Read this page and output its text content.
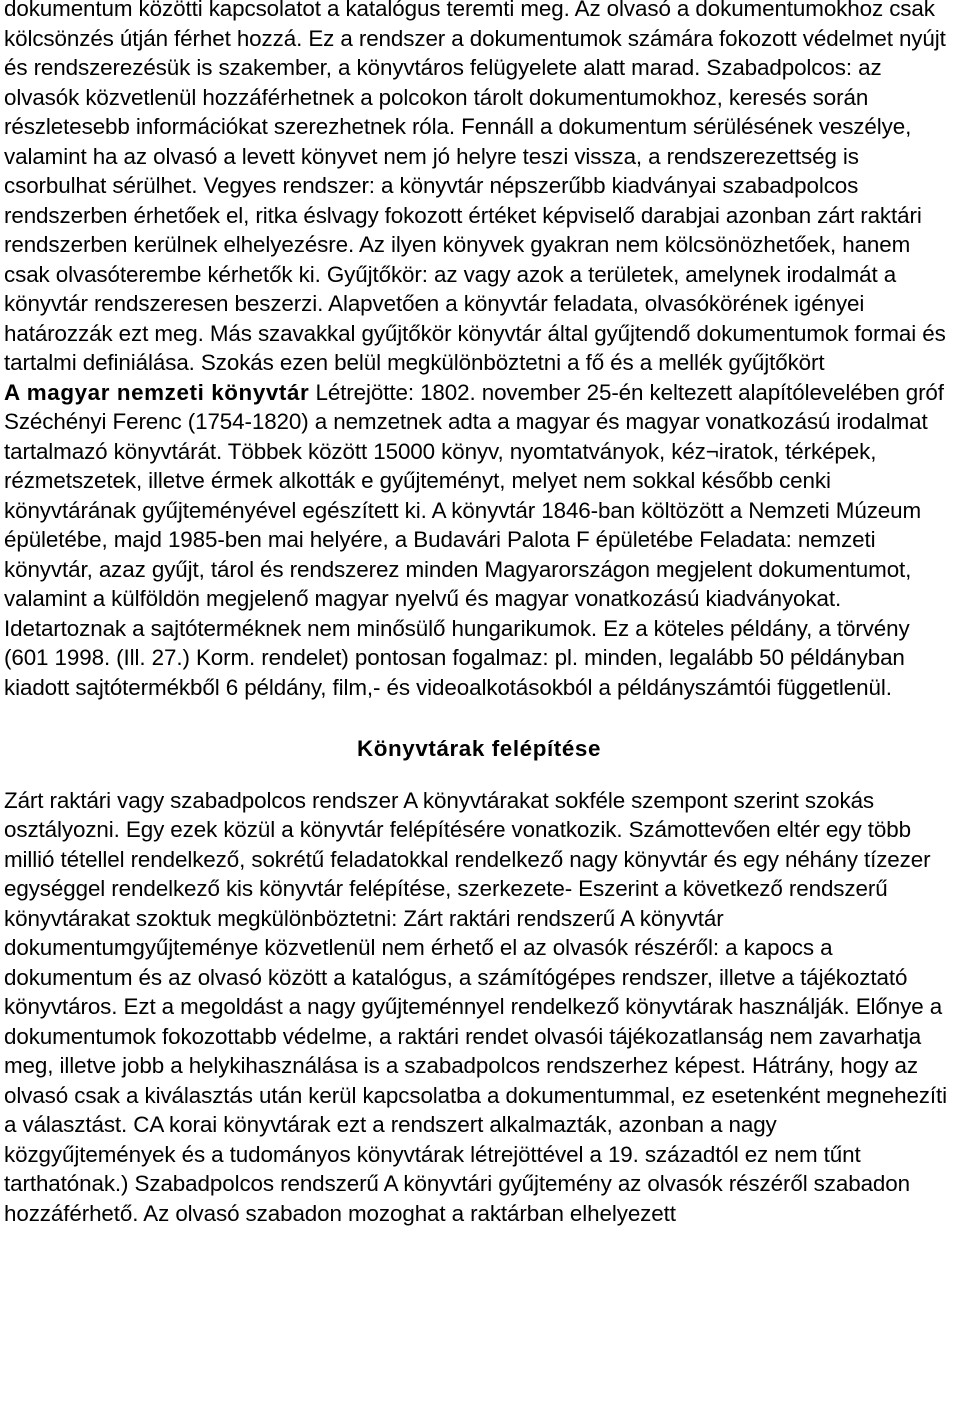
dokumentum közötti kapcsolatot a katalógus teremti meg. Az olvasó a dokumentumokhoz csak kölcsönzés útján férhet hozzá. Ez a rendszer a dokumentumok számára fokozott védelmet nyújt és rendszerezésük is szakember, a könyvtáros felügyelete alatt marad. Szabadpolcos: az olvasók közvetlenül hozzáférhetnek a polcokon tárolt dokumentumokhoz, keresés során részletesebb információkat szerezhetnek róla. Fennáll a dokumentum sérülésének veszélye, valamint ha az olvasó a levett könyvet nem jó helyre teszi vissza, a rendszerezettség is csorbulhat sérülhet. Vegyes rendszer: a könyvtár népszerűbb kiadványai szabadpolcos rendszerben érhetőek el, ritka éslvagy fokozott értéket képviselő darabjai azonban zárt raktári rendszerben kerülnek elhelyezésre. Az ilyen könyvek gyakran nem kölcsönözhetőek, hanem csak olvasóterembe kérhetők ki. Gyűjtőkör: az vagy azok a területek, amelynek irodalmát a könyvtár rendszeresen beszerzi. Alapvetően a könyvtár feladata, olvasókörének igényei határozzák ezt meg. Más szavakkal gyűjtőkör könyvtár által gyűjtendő dokumentumok formai és tartalmi definiálása. Szokás ezen belül megkülönböztetni a fő és a mellék gyűjtőkört
A magyar nemzeti könyvtár Létrejötte: 1802. november 25-én keltezett alapítólevelében gróf Széchényi Ferenc (1754-1820) a nemzetnek adta a magyar és magyar vonatkozású irodalmat tartalmazó könyvtárát. Többek között 15000 könyv, nyomtatványok, kéz¬iratok, térképek, rézmetszetek, illetve érmek alkották e gyűjteményt, melyet nem sokkal később cenki könyvtárának gyűjteményével egészített ki. A könyvtár 1846-ban költözött a Nemzeti Múzeum épületébe, majd 1985-ben mai helyére, a Budavári Palota F épületébe Feladata: nemzeti könyvtár, azaz gyűjt, tárol és rendszerez minden Magyarországon megjelent dokumentumot, valamint a külföldön megjelenő magyar nyelvű és magyar vonatkozású kiadványokat. Idetartoznak a sajtóterméknek nem minősülő hungarikumok. Ez a köteles példány, a törvény (601 1998. (Ill. 27.) Korm. rendelet) pontosan fogalmaz: pl. minden, legalább 50 példányban kiadott sajtótermékből 6 példány, film,- és videoalkotásokból a példányszámtói függetlenül.

Könyvtárak felépítése

Zárt raktári vagy szabadpolcos rendszer A könyvtárakat sokféle szempont szerint szokás osztályozni. Egy ezek közül a könyvtár felépítésére vonatkozik. Számottevően eltér egy több millió tétellel rendelkező, sokrétű feladatokkal rendelkező nagy könyvtár és egy néhány tízezer egységgel rendelkező kis könyvtár felépítése, szerkezete- Eszerint a következő rendszerű könyvtárakat szoktuk megkülönböztetni: Zárt raktári rendszerű A könyvtár dokumentumgyűjteménye közvetlenül nem érhető el az olvasók részéről: a kapocs a dokumentum és az olvasó között a katalógus, a számítógépes rendszer, illetve a tájékoztató könyvtáros. Ezt a megoldást a nagy gyűjteménnyel rendelkező könyvtárak használják. Előnye a dokumentumok fokozottabb védelme, a raktári rendet olvasói tájékozatlanság nem zavarhatja meg, illetve jobb a helykihasználása is a szabadpolcos rendszerhez képest. Hátrány, hogy az olvasó csak a kiválasztás után kerül kapcsolatba a dokumentummal, ez esetenként megnehezíti a választást. CA korai könyvtárak ezt a rendszert alkalmazták, azonban a nagy közgyűjtemények és a tudományos könyvtárak létrejöttével a 19. századtól ez nem tűnt tarthatónak.) Szabadpolcos rendszerű A könyvtári gyűjtemény az olvasók részéről szabadon hozzáférhető. Az olvasó szabadon mozoghat a raktárban elhelyezett
